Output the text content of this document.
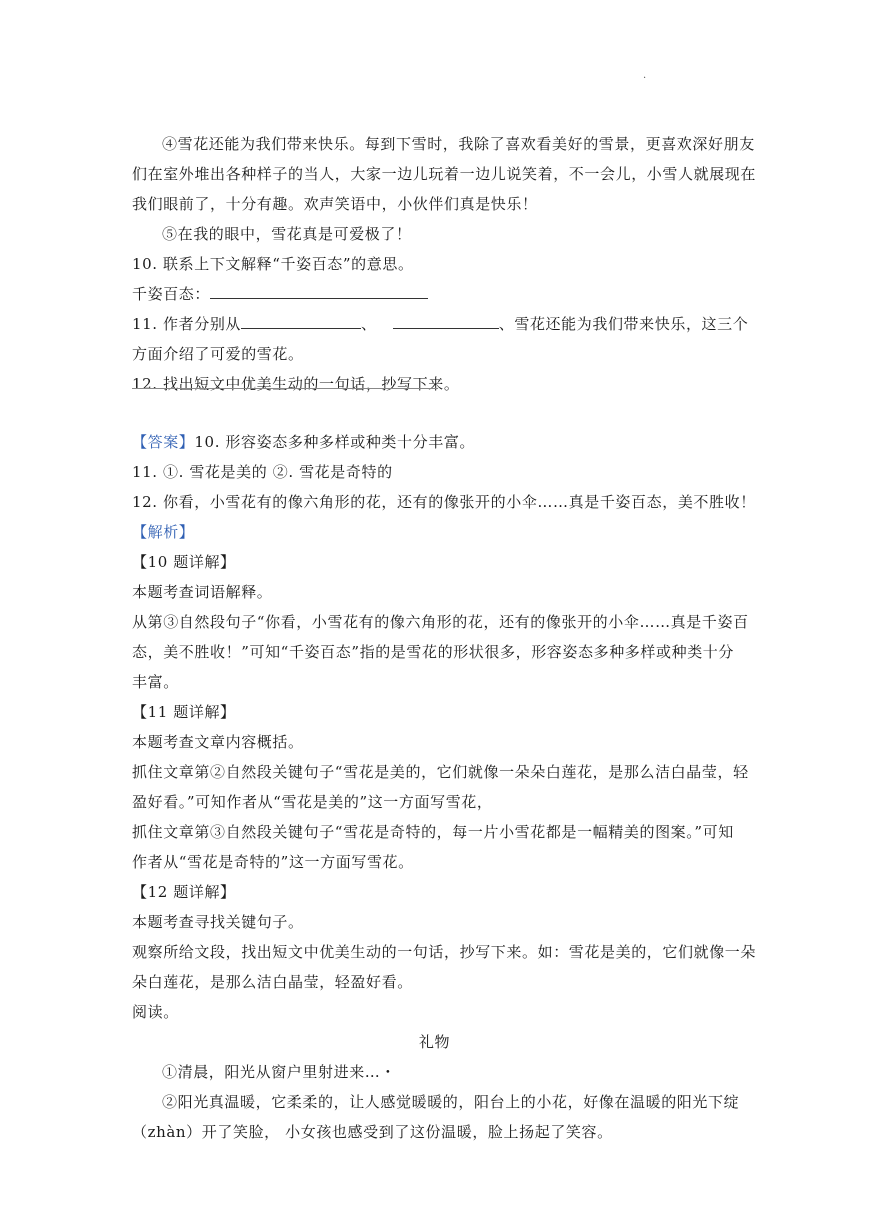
.
④雪花还能为我们带来快乐。每到下雪时，我除了喜欢看美好的雪景，更喜欢深好朋友
们在室外堆出各种样子的当人，大家一边儿玩着一边儿说笑着，不一会儿，小雪人就展现在
我们眼前了，十分有趣。欢声笑语中，小伙伴们真是快乐！
⑤在我的眼中，雪花真是可爱极了！
10. 联系上下文解释“千姿百态”的意思。
千姿百态：
11. 作者分别从	、	、雪花还能为我们带来快乐，这三个
方面介绍了可爱的雪花。
12. 找出短文中优美生动的一句话，抄写下来。
【答案】10. 形容姿态多种多样或种类十分丰富。
11. ①. 雪花是美的 ②. 雪花是奇特的
12. 你看，小雪花有的像六角形的花，还有的像张开的小伞……真是千姿百态，美不胜收！
【解析】
【10 题详解】
本题考查词语解释。
从第③自然段句子“你看，小雪花有的像六角形的花，还有的像张开的小伞……真是千姿百
态，美不胜收！”可知“千姿百态”指的是雪花的形状很多，形容姿态多种多样或种类十分
丰富。
【11 题详解】
本题考查文章内容概括。
抓住文章第②自然段关键句子“雪花是美的，它们就像一朵朵白莲花，是那么洁白晶莹，轻
盈好看。”可知作者从“雪花是美的”这一方面写雪花，
抓住文章第③自然段关键句子“雪花是奇特的，每一片小雪花都是一幅精美的图案。”可知
作者从“雪花是奇特的”这一方面写雪花。
【12 题详解】
本题考查寻找关键句子。
观察所给文段，找出短文中优美生动的一句话，抄写下来。如：雪花是美的，它们就像一朵
朵白莲花，是那么洁白晶莹，轻盈好看。
阅读。
礼物
①清晨，阳光从窗户里射进来…・
②阳光真温暖，它柔柔的，让人感觉暖暖的，阳台上的小花，好像在温暖的阳光下绽
（zhàn）开了笑脸， 小女孩也感受到了这份温暖，脸上扬起了笑容。
